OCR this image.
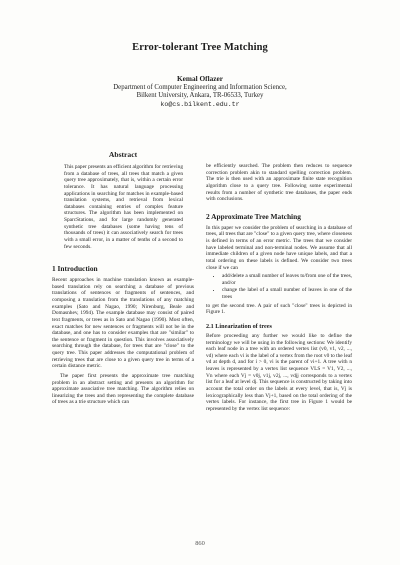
Error-tolerant Tree Matching
Kemal Oflazer
Department of Computer Engineering and Information Science,
Bilkent University, Ankara, TR-06533, Turkey
ko@cs.bilkent.edu.tr
Abstract

This paper presents an efficient algorithm for retrieving from a database of trees, all trees that match a given query tree approximately, that is, within a certain error tolerance. It has natural language processing applications in searching for matches in example-based translation systems, and retrieval from lexical databases containing entries of complex feature structures. The algorithm has been implemented on SparcStations, and for large randomly generated synthetic tree databases (some having tens of thousands of trees) it can associatively search for trees with a small error, in a matter of tenths of a second to few seconds.

1 Introduction

Recent approaches in machine translation known as example-based translation rely on searching a database of previous translations of sentences or fragments of sentences, and composing a translation from the translations of any matching examples (Sato and Nagao, 1990; Nirenburg, Beale and Domasnhev, 1994). The example database may consist of paired text fragments, or trees as in Sato and Nagao (1990). Most often, exact matches for new sentences or fragments will not be in the database, and one has to consider examples that are "similar" to the sentence or fragment in question. This involves associatively searching through the database, for trees that are "close" to the query tree. This paper addresses the computational problem of retrieving trees that are close to a given query tree in terms of a certain distance metric.

The paper first presents the approximate tree matching problem in an abstract setting and presents an algorithm for approximate associative tree matching. The algorithm relies on linearizing the trees and then representing the complete database of trees as a trie structure which can

be efficiently searched. The problem then reduces to sequence correction problem akin to standard spelling correction problem. The trie is then used with an approximate finite state recognition algorithm close to a query tree. Following some experimental results from a number of synthetic tree databases, the paper ends with conclusions.

2 Approximate Tree Matching

In this paper we consider the problem of searching in a database of trees, all trees that are "close" to a given query tree, where closeness is defined in terms of an error metric. The trees that we consider have labeled terminal and non-terminal nodes. We assume that all immediate children of a given node have unique labels, and that a total ordering on these labels is defined. We consider two trees close if we can

• add/delete a small number of leaves to/from one of the trees, and/or
• change the label of a small number of leaves in one of the trees

to get the second tree. A pair of such "close" trees is depicted in Figure 1.

2.1 Linearization of trees

Before proceeding any further we would like to define the terminology we will be using in the following sections: We identify each leaf node in a tree with an ordered vertex list (v0, v1, v2, ..., vd) where each vi is the label of a vertex from the root v0 to the leaf vd at depth d, and for i > 0, vi is the parent of vi+1. A tree with n leaves is represented by a vertex list sequence VLS = V1, V2, ..., Vn where each Vj = v0j, v1j, v2j, ..., vdjj corresponds to a vertex list for a leaf at level dj. This sequence is constructed by taking into account the total order on the labels at every level, that is, Vj is lexicographically less than Vj+1, based on the total ordering of the vertex labels. For instance, the first tree in Figure 1 would be represented by the vertex list sequence:

860
